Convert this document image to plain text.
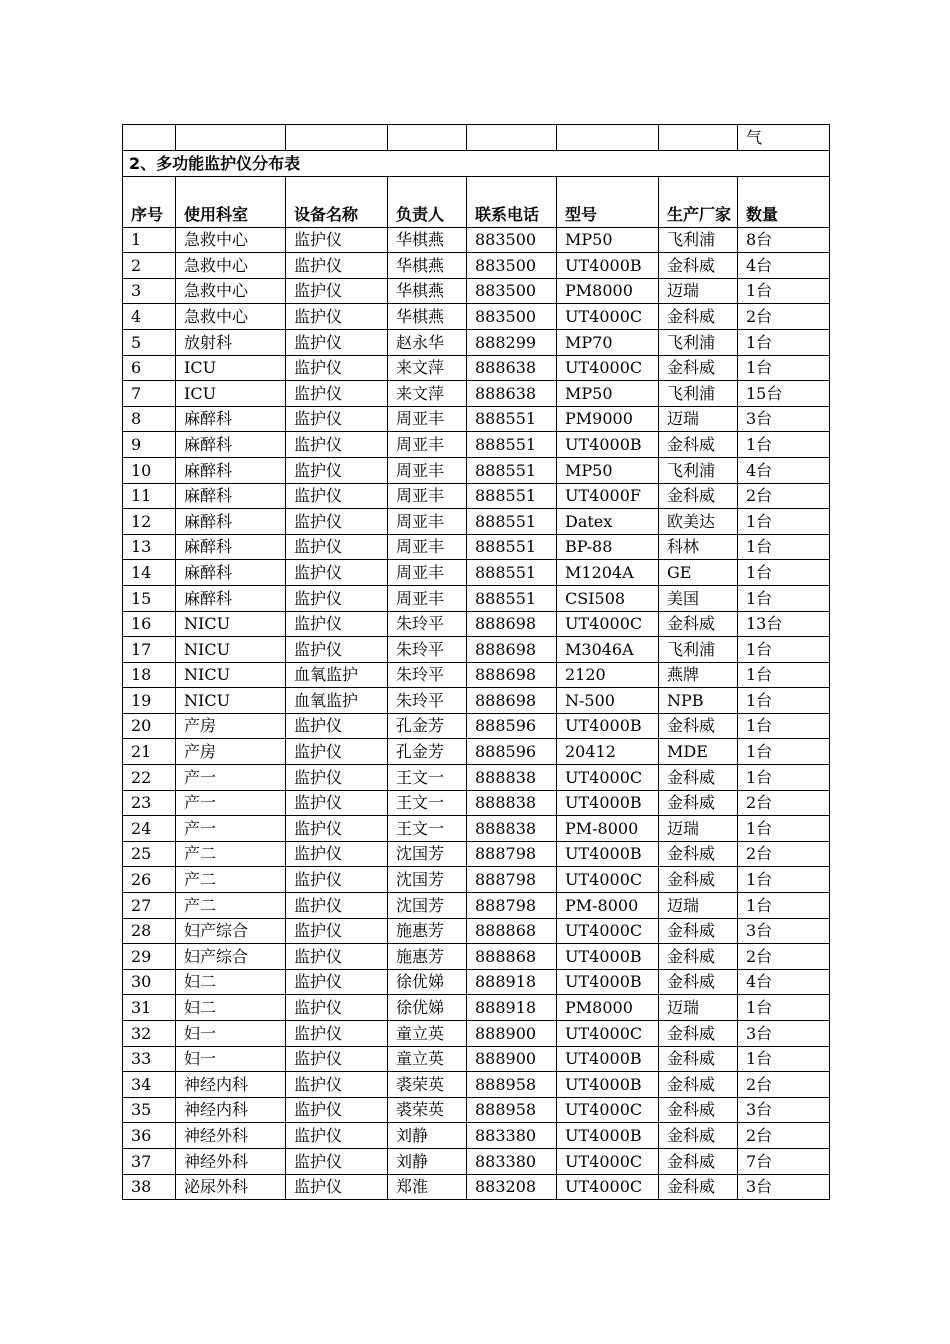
							气
2、多功能监护仪分布表							
序号	使用科室	设备名称	负责人	联系电话	型号	生产厂家	数量
1	急救中心	监护仪	华棋燕	883500	MP50	飞利浦	8台
2	急救中心	监护仪	华棋燕	883500	UT4000B	金科威	4台
3	急救中心	监护仪	华棋燕	883500	PM8000	迈瑞	1台
4	急救中心	监护仪	华棋燕	883500	UT4000C	金科威	2台
5	放射科	监护仪	赵永华	888299	MP70	飞利浦	1台
6	ICU	监护仪	来文萍	888638	UT4000C	金科威	1台
7	ICU	监护仪	来文萍	888638	MP50	飞利浦	15台
8	麻醉科	监护仪	周亚丰	888551	PM9000	迈瑞	3台
9	麻醉科	监护仪	周亚丰	888551	UT4000B	金科威	1台
10	麻醉科	监护仪	周亚丰	888551	MP50	飞利浦	4台
11	麻醉科	监护仪	周亚丰	888551	UT4000F	金科威	2台
12	麻醉科	监护仪	周亚丰	888551	Datex	欧美达	1台
13	麻醉科	监护仪	周亚丰	888551	BP-88	科林	1台
14	麻醉科	监护仪	周亚丰	888551	M1204A	GE	1台
15	麻醉科	监护仪	周亚丰	888551	CSI508	美国	1台
16	NICU	监护仪	朱玲平	888698	UT4000C	金科威	13台
17	NICU	监护仪	朱玲平	888698	M3046A	飞利浦	1台
18	NICU	血氧监护	朱玲平	888698	2120	燕牌	1台
19	NICU	血氧监护	朱玲平	888698	N-500	NPB	1台
20	产房	监护仪	孔金芳	888596	UT4000B	金科威	1台
21	产房	监护仪	孔金芳	888596	20412	MDE	1台
22	产一	监护仪	王文一	888838	UT4000C	金科威	1台
23	产一	监护仪	王文一	888838	UT4000B	金科威	2台
24	产一	监护仪	王文一	888838	PM-8000	迈瑞	1台
25	产二	监护仪	沈国芳	888798	UT4000B	金科威	2台
26	产二	监护仪	沈国芳	888798	UT4000C	金科威	1台
27	产二	监护仪	沈国芳	888798	PM-8000	迈瑞	1台
28	妇产综合	监护仪	施惠芳	888868	UT4000C	金科威	3台
29	妇产综合	监护仪	施惠芳	888868	UT4000B	金科威	2台
30	妇二	监护仪	徐优娣	888918	UT4000B	金科威	4台
31	妇二	监护仪	徐优娣	888918	PM8000	迈瑞	1台
32	妇一	监护仪	童立英	888900	UT4000C	金科威	3台
33	妇一	监护仪	童立英	888900	UT4000B	金科威	1台
34	神经内科	监护仪	裘荣英	888958	UT4000B	金科威	2台
35	神经内科	监护仪	裘荣英	888958	UT4000C	金科威	3台
36	神经外科	监护仪	刘静	883380	UT4000B	金科威	2台
37	神经外科	监护仪	刘静	883380	UT4000C	金科威	7台
38	泌尿外科	监护仪	郑淮	883208	UT4000C	金科威	3台
